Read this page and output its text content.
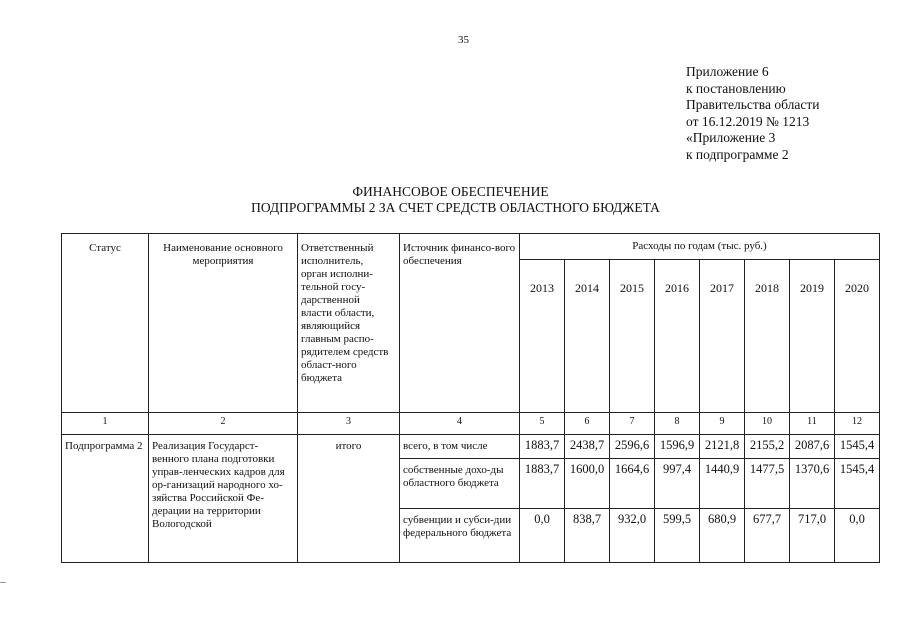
35
Приложение 6
к постановлению
Правительства области
от 16.12.2019 № 1213
«Приложение 3
к подпрограмме 2
ФИНАНСОВОЕ ОБЕСПЕЧЕНИЕ
ПОДПРОГРАММЫ 2 ЗА СЧЕТ СРЕДСТВ ОБЛАСТНОГО БЮДЖЕТА
Статус	Наименование основного мероприятия	Ответственный исполнитель, орган исполни-тельной госу-дарственной власти области, являющийся главным распо-рядителем средств област-ного бюджета	Источник финансо-вого обеспечения	Расходы по годам (тыс. руб.)							
				2013	2014	2015	2016	2017	2018	2019	2020
1	2	3	4	5	6	7	8	9	10	11	12
Подпрограмма 2	Реализация Государст-венного плана подготовки управ-ленческих кадров для ор-ганизаций народного хо-зяйства Российской Фе-дерации на территории Вологодской	итого	всего, в том числе	1883,7	2438,7	2596,6	1596,9	2121,8	2155,2	2087,6	1545,4
			собственные дохо-ды областного бюджета	1883,7	1600,0	1664,6	997,4	1440,9	1477,5	1370,6	1545,4
			субвенции и субси-дии федерального бюджета	0,0	838,7	932,0	599,5	680,9	677,7	717,0	0,0
